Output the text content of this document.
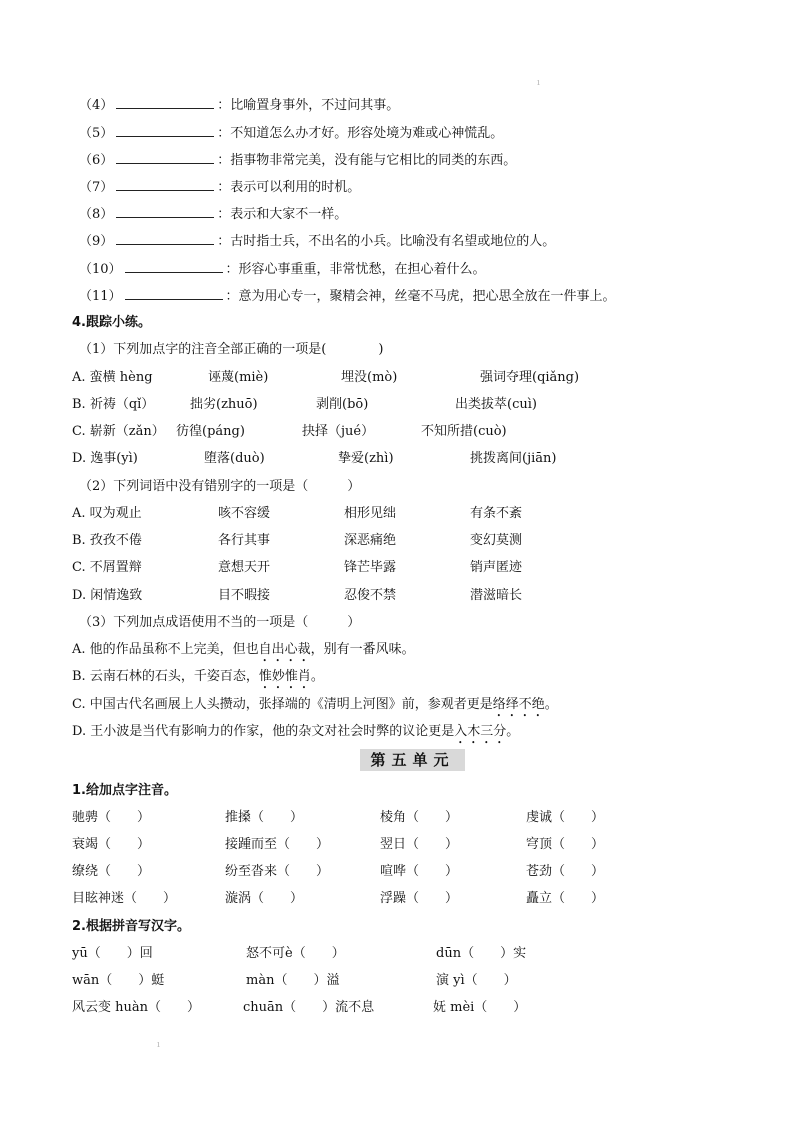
ı
（4）	：比喻置身事外，不过问其事。
（5）	：不知道怎么办才好。形容处境为难或心神慌乱。
（6）	：指事物非常完美，没有能与它相比的同类的东西。
（7）	：表示可以利用的时机。
（8）	：表示和大家不一样。
（9）	：古时指士兵，不出名的小兵。比喻没有名望或地位的人。
（10）	：形容心事重重，非常忧愁，在担心着什么。
（11）	：意为用心专一，聚精会神，丝毫不马虎，把心思全放在一件事上。
4.跟踪小练。
（1）下列加点字的注音全部正确的一项是(　　　　)
A. 蛮横 hèng	诬蔑(miè)	埋没(mò)	强词夺理(qiǎng)
B. 祈祷（qǐ）	拙劣(zhuō)	剥削(bō)	出类拔萃(cuì)
C. 崭新（zǎn） 彷徨(páng)	抉择（jué）	不知所措(cuò)
D. 逸事(yì)	堕落(duò)	挚爱(zhì)	挑拨离间(jiān)
（2）下列词语中没有错别字的一项是（　　　）
A. 叹为观止	咳不容缓	相形见绌	有条不紊
B. 孜孜不倦	各行其事	深恶痛绝	变幻莫测
C. 不屑置辩	意想天开	锋芒毕露	销声匿迹
D. 闲情逸致	目不暇接	忍俊不禁	潜滋暗长
（3）下列加点成语使用不当的一项是（　　　）
A. 他的作品虽称不上完美，但也自出心裁，别有一番风味。
B. 云南石林的石头，千姿百态，惟妙惟肖。
C. 中国古代名画展上人头攒动，张择端的《清明上河图》前，参观者更是络绎不绝。
D. 王小波是当代有影响力的作家，他的杂文对社会时弊的议论更是入木三分。
第五单元
1.给加点字注音。
驰骋（　　）	推搡（　　）	棱角（　　）	虔诚（　　）
衰竭（　　）	接踵而至（　　）	翌日（　　）	穹顶（　　）
缭绕（　　）	纷至沓来（　　）	喧哗（　　）	苍劲（　　）
目眩神迷（　　）	漩涡（　　）	浮躁（　　）	矗立（　　）
2.根据拼音写汉字。
yū（　　）回	怒不可è（　　）	dūn（　　）实
wān（　　）蜓	màn（　　）溢	演 yì（　　）
风云变 huàn（　　）	chuān（　　）流不息	妩 mèi（　　）
ı
